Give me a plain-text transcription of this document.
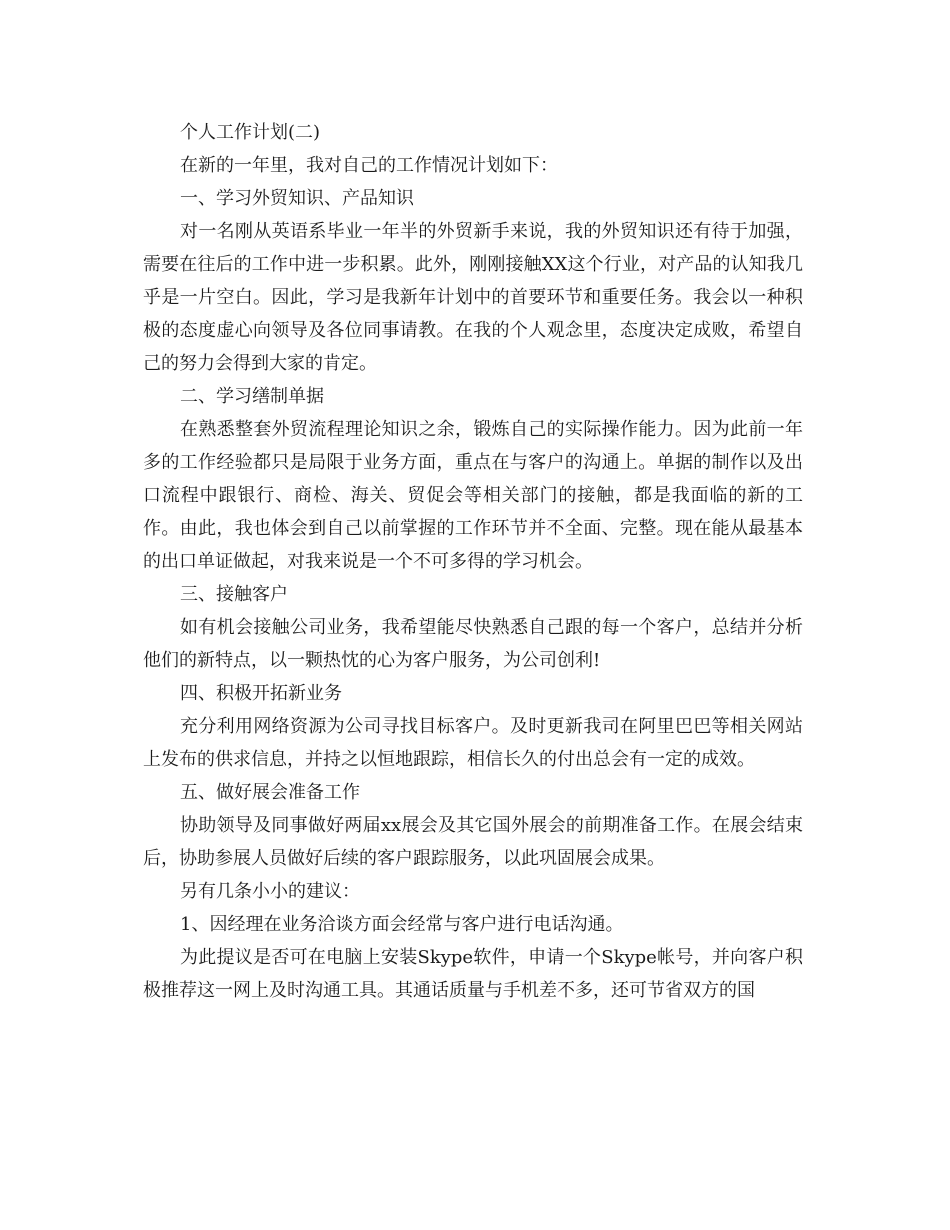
个人工作计划(二)

在新的一年里，我对自己的工作情况计划如下：

一、学习外贸知识、产品知识

对一名刚从英语系毕业一年半的外贸新手来说，我的外贸知识还有待于加强，需要在往后的工作中进一步积累。此外，刚刚接触XX这个行业，对产品的认知我几乎是一片空白。因此，学习是我新年计划中的首要环节和重要任务。我会以一种积极的态度虚心向领导及各位同事请教。在我的个人观念里，态度决定成败，希望自己的努力会得到大家的肯定。

二、学习缮制单据

在熟悉整套外贸流程理论知识之余，锻炼自己的实际操作能力。因为此前一年多的工作经验都只是局限于业务方面，重点在与客户的沟通上。单据的制作以及出口流程中跟银行、商检、海关、贸促会等相关部门的接触，都是我面临的新的工作。由此，我也体会到自己以前掌握的工作环节并不全面、完整。现在能从最基本的出口单证做起，对我来说是一个不可多得的学习机会。

三、接触客户

如有机会接触公司业务，我希望能尽快熟悉自己跟的每一个客户，总结并分析他们的新特点，以一颗热忱的心为客户服务，为公司创利!

四、积极开拓新业务

充分利用网络资源为公司寻找目标客户。及时更新我司在阿里巴巴等相关网站上发布的供求信息，并持之以恒地跟踪，相信长久的付出总会有一定的成效。

五、做好展会准备工作

协助领导及同事做好两届xx展会及其它国外展会的前期准备工作。在展会结束后，协助参展人员做好后续的客户跟踪服务，以此巩固展会成果。

另有几条小小的建议：

1、因经理在业务洽谈方面会经常与客户进行电话沟通。

为此提议是否可在电脑上安装Skype软件，申请一个Skype帐号，并向客户积极推荐这一网上及时沟通工具。其通话质量与手机差不多，还可节省双方的国
